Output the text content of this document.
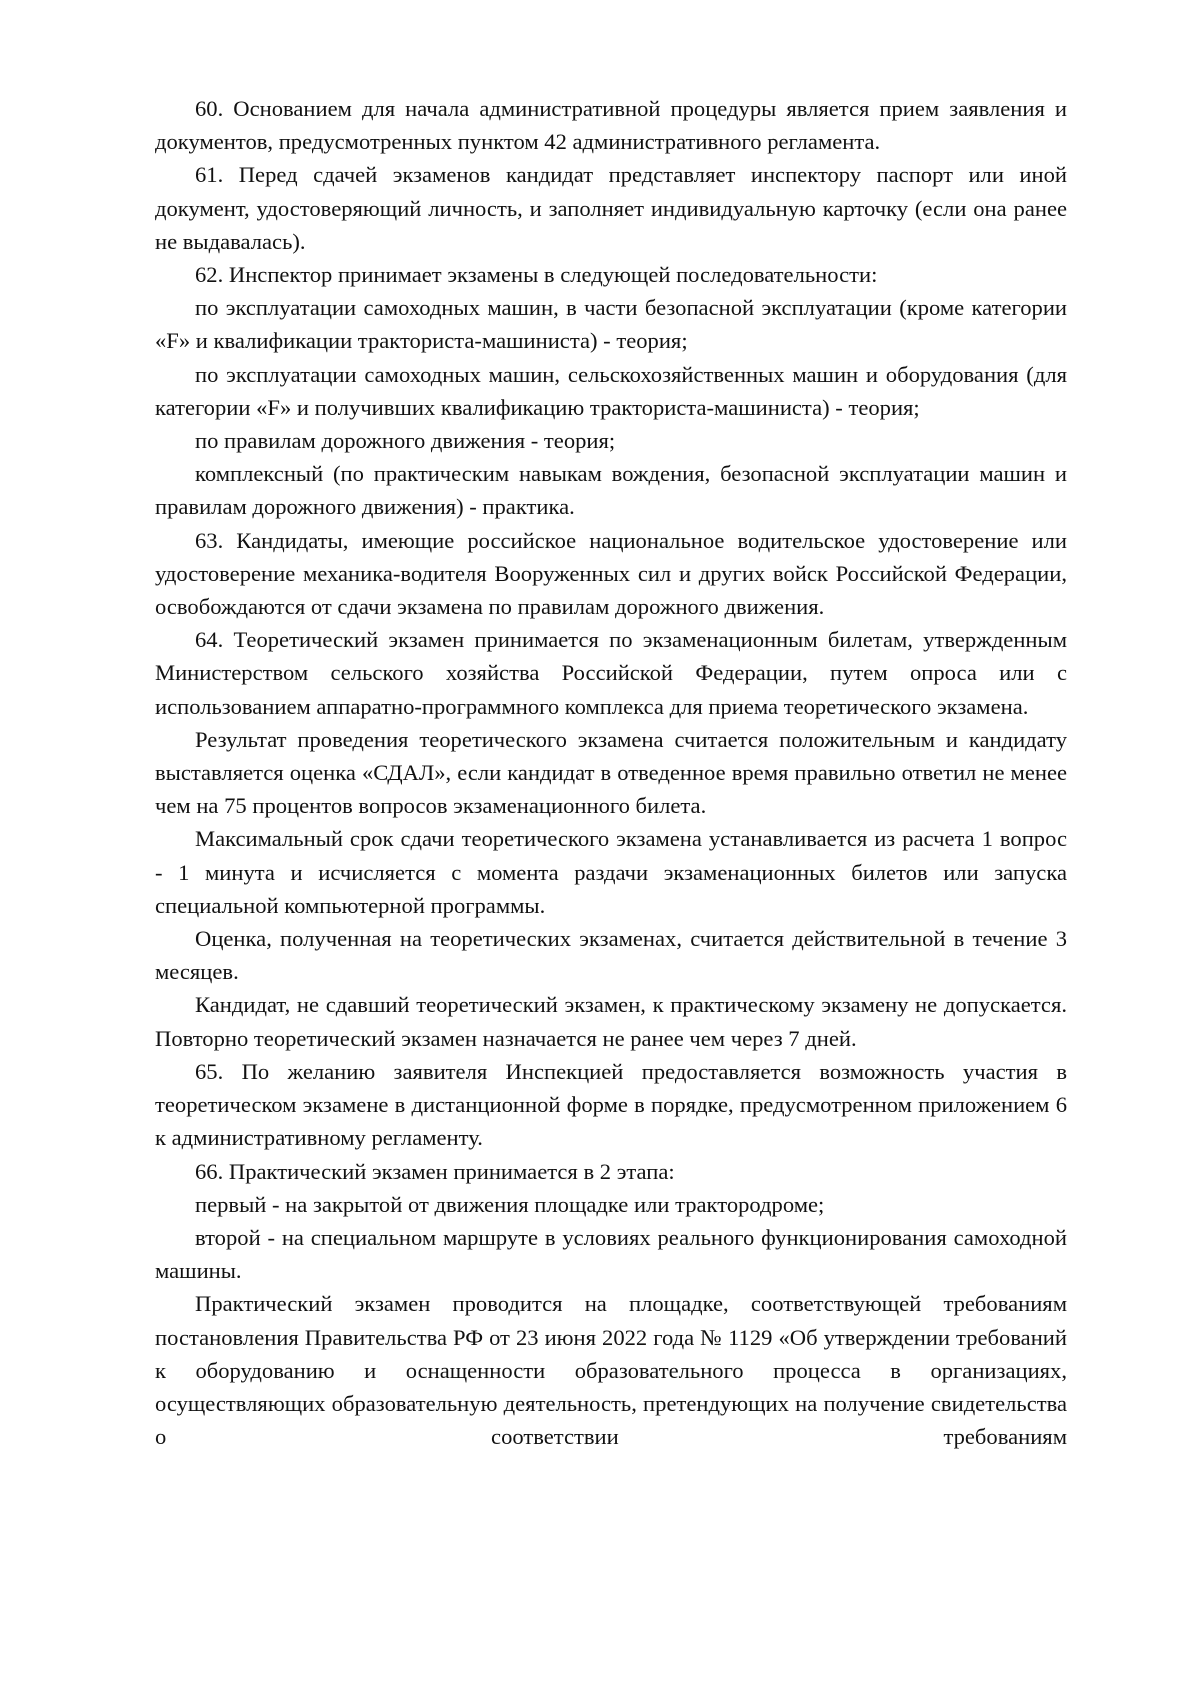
60. Основанием для начала административной процедуры является прием заявления и документов, предусмотренных пунктом 42 административного регламента.

61. Перед сдачей экзаменов кандидат представляет инспектору паспорт или иной документ, удостоверяющий личность, и заполняет индивидуальную карточку (если она ранее не выдавалась).

62. Инспектор принимает экзамены в следующей последовательности:

по эксплуатации самоходных машин, в части безопасной эксплуатации (кроме категории «F» и квалификации тракториста-машиниста) - теория;

по эксплуатации самоходных машин, сельскохозяйственных машин и оборудования (для категории «F» и получивших квалификацию тракториста-машиниста) - теория;

по правилам дорожного движения - теория;

комплексный (по практическим навыкам вождения, безопасной эксплуатации машин и правилам дорожного движения) - практика.

63. Кандидаты, имеющие российское национальное водительское удостоверение или удостоверение механика-водителя Вооруженных сил и других войск Российской Федерации, освобождаются от сдачи экзамена по правилам дорожного движения.

64. Теоретический экзамен принимается по экзаменационным билетам, утвержденным Министерством сельского хозяйства Российской Федерации, путем опроса или с использованием аппаратно-программного комплекса для приема теоретического экзамена.

Результат проведения теоретического экзамена считается положительным и кандидату выставляется оценка «СДАЛ», если кандидат в отведенное время правильно ответил не менее чем на 75 процентов вопросов экзаменационного билета.

Максимальный срок сдачи теоретического экзамена устанавливается из расчета 1 вопрос - 1 минута и исчисляется с момента раздачи экзаменационных билетов или запуска специальной компьютерной программы.

Оценка, полученная на теоретических экзаменах, считается действительной в течение 3 месяцев.

Кандидат, не сдавший теоретический экзамен, к практическому экзамену не допускается. Повторно теоретический экзамен назначается не ранее чем через 7 дней.

65. По желанию заявителя Инспекцией предоставляется возможность участия в теоретическом экзамене в дистанционной форме в порядке, предусмотренном приложением 6 к административному регламенту.

66. Практический экзамен принимается в 2 этапа:

первый - на закрытой от движения площадке или трактородроме;

второй - на специальном маршруте в условиях реального функционирования самоходной машины.

Практический экзамен проводится на площадке, соответствующей требованиям постановления Правительства РФ от 23 июня 2022 года № 1129 «Об утверждении требований к оборудованию и оснащенности образовательного процесса в организациях, осуществляющих образовательную деятельность, претендующих на получение свидетельства о соответствии требованиям
